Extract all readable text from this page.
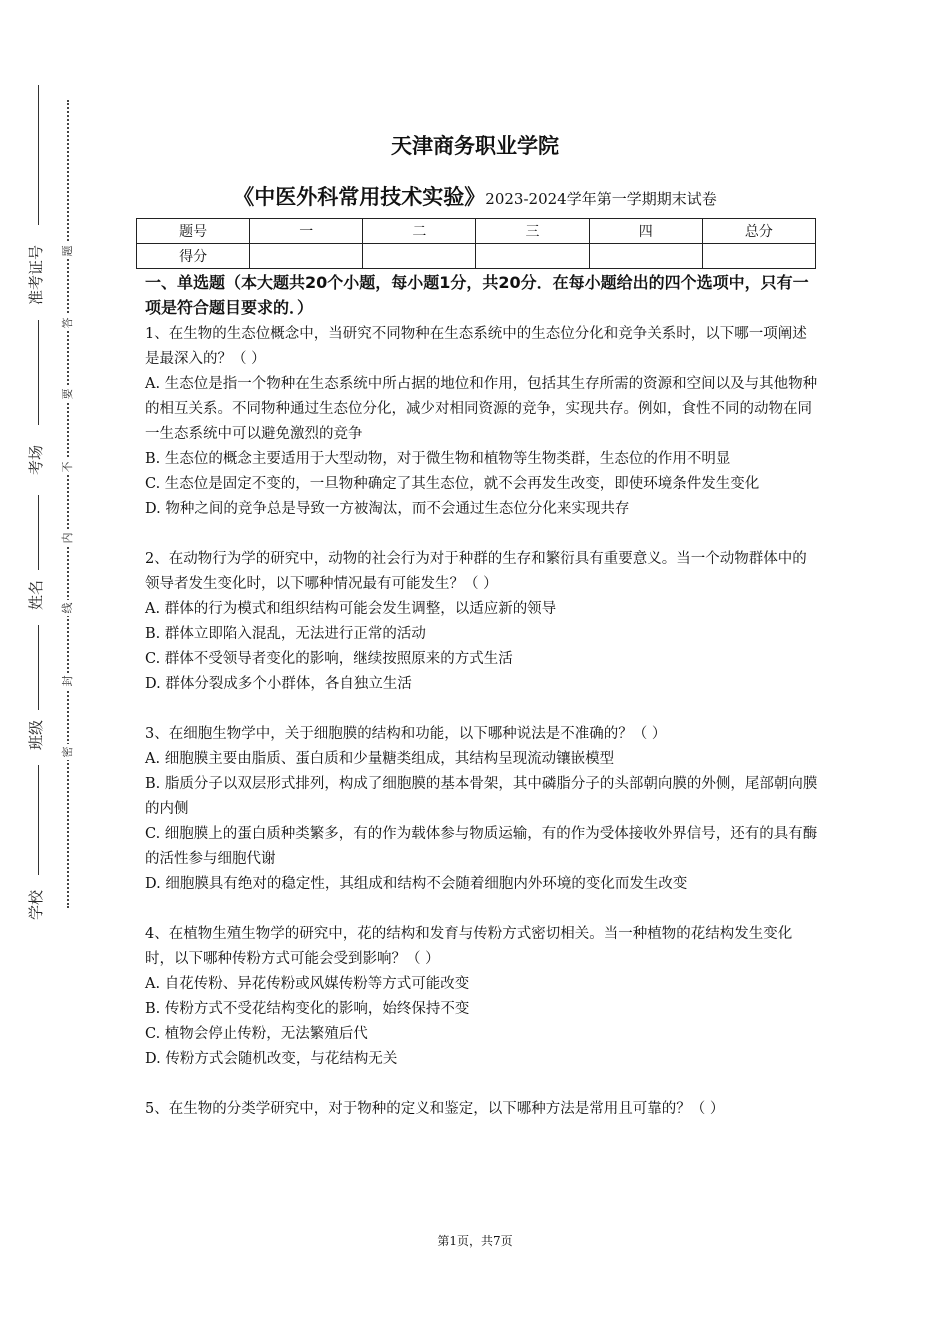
准考证号
考场
姓名
班级
学校
题
答
要
不
内
线
封
密
天津商务职业学院
《中医外科常用技术实验》2023-2024学年第一学期期末试卷
题号	一	二	三	四	总分
得分					
一、单选题（本大题共20个小题，每小题1分，共20分．在每小题给出的四个选项中，只有一项是符合题目要求的．）

1、在生物的生态位概念中，当研究不同物种在生态系统中的生态位分化和竞争关系时，以下哪一项阐述是最深入的？（ ）

A. 生态位是指一个物种在生态系统中所占据的地位和作用，包括其生存所需的资源和空间以及与其他物种的相互关系。不同物种通过生态位分化，减少对相同资源的竞争，实现共存。例如，食性不同的动物在同一生态系统中可以避免激烈的竞争

B. 生态位的概念主要适用于大型动物，对于微生物和植物等生物类群，生态位的作用不明显

C. 生态位是固定不变的，一旦物种确定了其生态位，就不会再发生改变，即使环境条件发生变化

D. 物种之间的竞争总是导致一方被淘汰，而不会通过生态位分化来实现共存

2、在动物行为学的研究中，动物的社会行为对于种群的生存和繁衍具有重要意义。当一个动物群体中的领导者发生变化时，以下哪种情况最有可能发生？（ ）

A. 群体的行为模式和组织结构可能会发生调整，以适应新的领导

B. 群体立即陷入混乱，无法进行正常的活动

C. 群体不受领导者变化的影响，继续按照原来的方式生活

D. 群体分裂成多个小群体，各自独立生活

3、在细胞生物学中，关于细胞膜的结构和功能，以下哪种说法是不准确的？（ ）

A. 细胞膜主要由脂质、蛋白质和少量糖类组成，其结构呈现流动镶嵌模型

B. 脂质分子以双层形式排列，构成了细胞膜的基本骨架，其中磷脂分子的头部朝向膜的外侧，尾部朝向膜的内侧

C. 细胞膜上的蛋白质种类繁多，有的作为载体参与物质运输，有的作为受体接收外界信号，还有的具有酶的活性参与细胞代谢

D. 细胞膜具有绝对的稳定性，其组成和结构不会随着细胞内外环境的变化而发生改变

4、在植物生殖生物学的研究中，花的结构和发育与传粉方式密切相关。当一种植物的花结构发生变化时，以下哪种传粉方式可能会受到影响？（ ）

A. 自花传粉、异花传粉或风媒传粉等方式可能改变

B. 传粉方式不受花结构变化的影响，始终保持不变

C. 植物会停止传粉，无法繁殖后代

D. 传粉方式会随机改变，与花结构无关

5、在生物的分类学研究中，对于物种的定义和鉴定，以下哪种方法是常用且可靠的？（ ）

第1页，共7页
